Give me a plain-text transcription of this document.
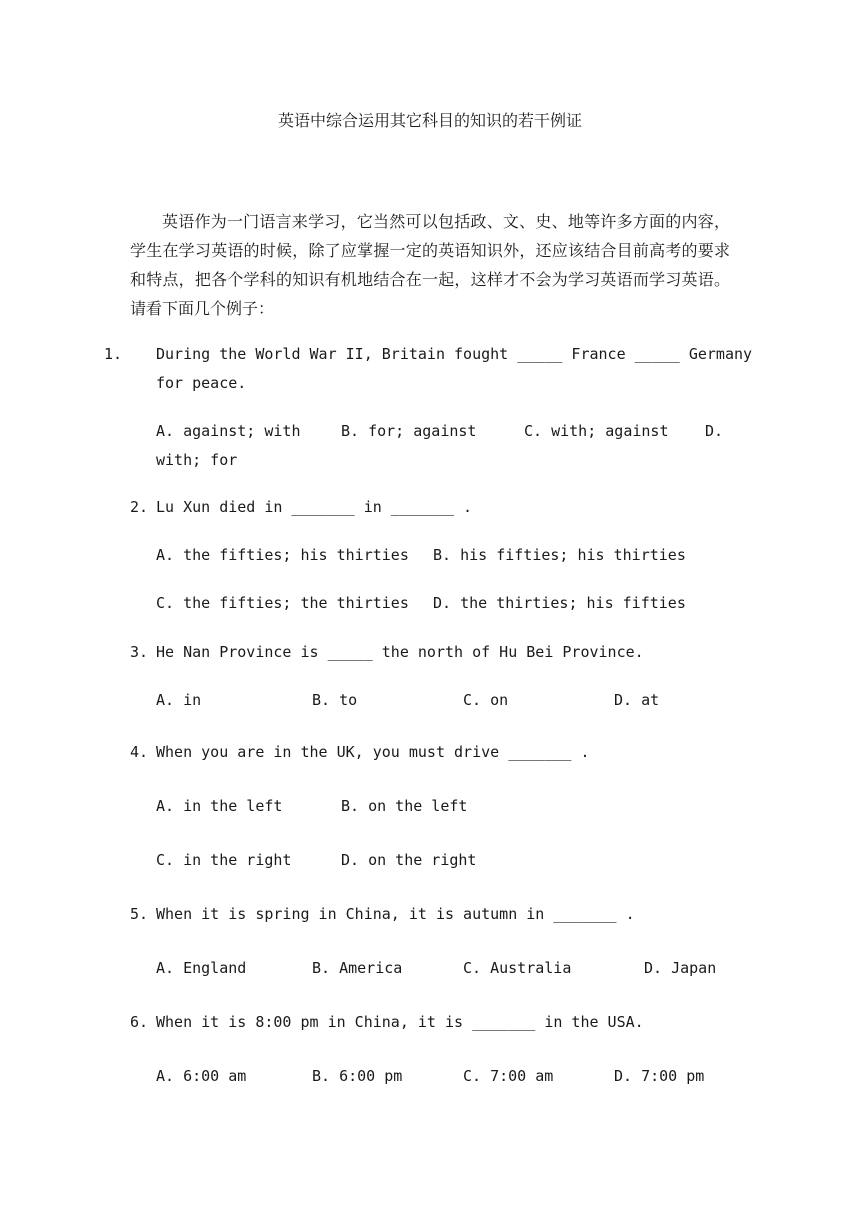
英语中综合运用其它科目的知识的若干例证

英语作为一门语言来学习，它当然可以包括政、文、史、地等许多方面的内容，学生在学习英语的时候，除了应掌握一定的英语知识外，还应该结合目前高考的要求和特点，把各个学科的知识有机地结合在一起，这样才不会为学习英语而学习英语。请看下面几个例子：

1. During the World War II, Britain fought _____ France _____ Germany for peace.

A. against; with	B. for; against	C. with; against D.
with; for

2. Lu Xun died in _______ in _______ .

A. the fifties; his thirties B. his fifties; his thirties
C. the fifties; the thirties D. the thirties; his fifties

3. He Nan Province is _____ the north of Hu Bei Province.

A. in	B. to	C. on	D. at

4. When you are in the UK, you must drive _______ .

A. in the left	B. on the left
C. in the right	D. on the right

5. When it is spring in China, it is autumn in _______ .

A. England	B. America	C. Australia	D. Japan

6. When it is 8:00 pm in China, it is _______ in the USA.

A. 6:00 am	B. 6:00 pm	C. 7:00 am	D. 7:00 pm
